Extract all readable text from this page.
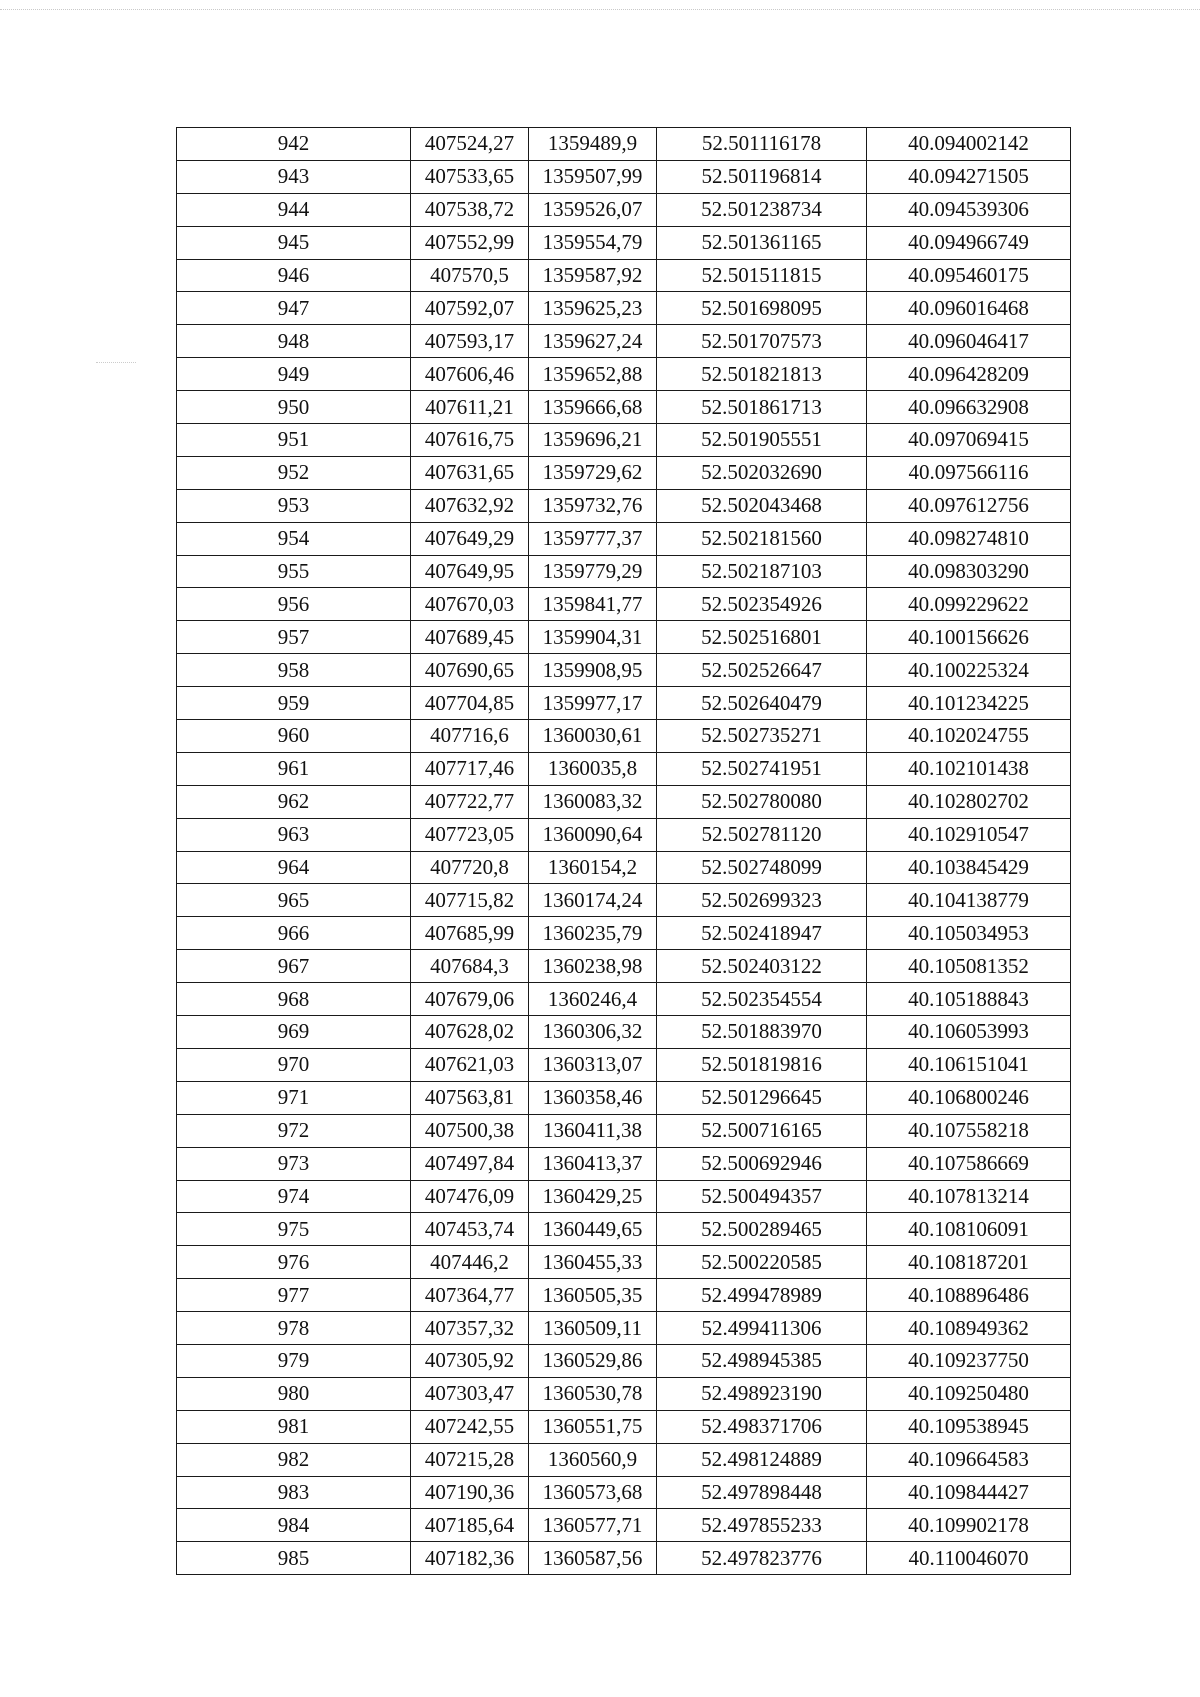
942	407524,27	1359489,9	52.501116178	40.094002142
943	407533,65	1359507,99	52.501196814	40.094271505
944	407538,72	1359526,07	52.501238734	40.094539306
945	407552,99	1359554,79	52.501361165	40.094966749
946	407570,5	1359587,92	52.501511815	40.095460175
947	407592,07	1359625,23	52.501698095	40.096016468
948	407593,17	1359627,24	52.501707573	40.096046417
949	407606,46	1359652,88	52.501821813	40.096428209
950	407611,21	1359666,68	52.501861713	40.096632908
951	407616,75	1359696,21	52.501905551	40.097069415
952	407631,65	1359729,62	52.502032690	40.097566116
953	407632,92	1359732,76	52.502043468	40.097612756
954	407649,29	1359777,37	52.502181560	40.098274810
955	407649,95	1359779,29	52.502187103	40.098303290
956	407670,03	1359841,77	52.502354926	40.099229622
957	407689,45	1359904,31	52.502516801	40.100156626
958	407690,65	1359908,95	52.502526647	40.100225324
959	407704,85	1359977,17	52.502640479	40.101234225
960	407716,6	1360030,61	52.502735271	40.102024755
961	407717,46	1360035,8	52.502741951	40.102101438
962	407722,77	1360083,32	52.502780080	40.102802702
963	407723,05	1360090,64	52.502781120	40.102910547
964	407720,8	1360154,2	52.502748099	40.103845429
965	407715,82	1360174,24	52.502699323	40.104138779
966	407685,99	1360235,79	52.502418947	40.105034953
967	407684,3	1360238,98	52.502403122	40.105081352
968	407679,06	1360246,4	52.502354554	40.105188843
969	407628,02	1360306,32	52.501883970	40.106053993
970	407621,03	1360313,07	52.501819816	40.106151041
971	407563,81	1360358,46	52.501296645	40.106800246
972	407500,38	1360411,38	52.500716165	40.107558218
973	407497,84	1360413,37	52.500692946	40.107586669
974	407476,09	1360429,25	52.500494357	40.107813214
975	407453,74	1360449,65	52.500289465	40.108106091
976	407446,2	1360455,33	52.500220585	40.108187201
977	407364,77	1360505,35	52.499478989	40.108896486
978	407357,32	1360509,11	52.499411306	40.108949362
979	407305,92	1360529,86	52.498945385	40.109237750
980	407303,47	1360530,78	52.498923190	40.109250480
981	407242,55	1360551,75	52.498371706	40.109538945
982	407215,28	1360560,9	52.498124889	40.109664583
983	407190,36	1360573,68	52.497898448	40.109844427
984	407185,64	1360577,71	52.497855233	40.109902178
985	407182,36	1360587,56	52.497823776	40.110046070
